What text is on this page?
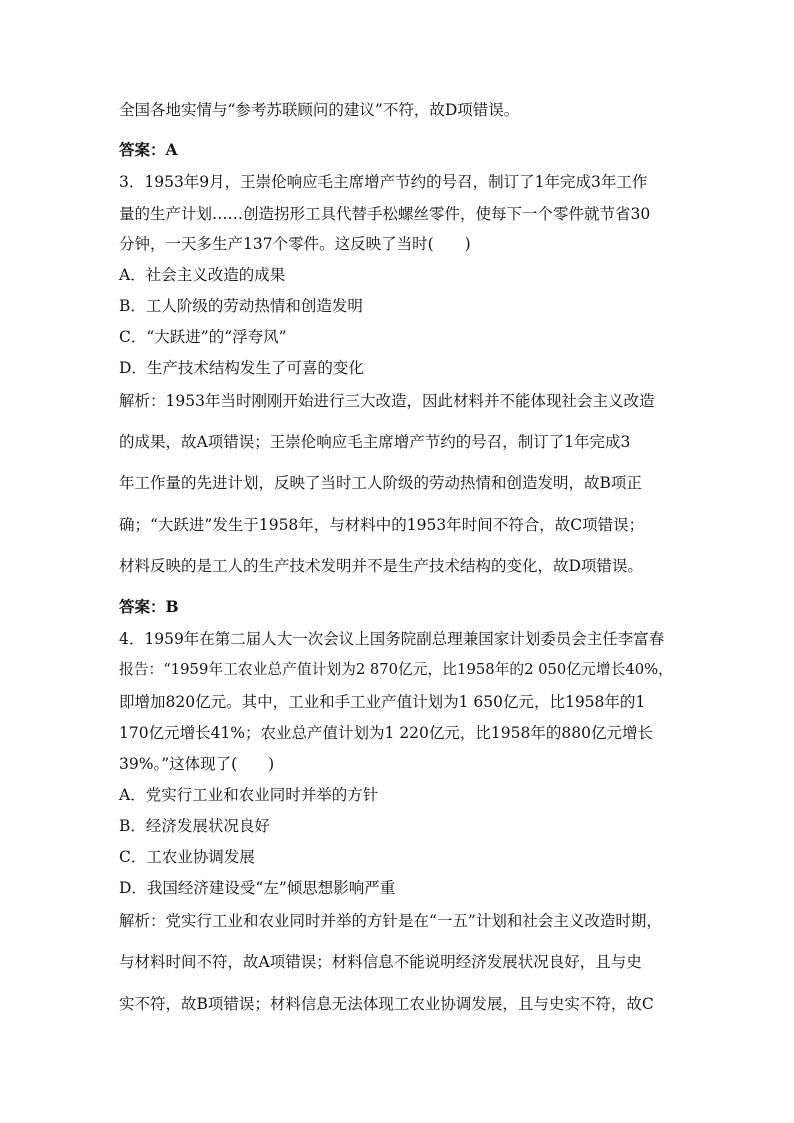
全国各地实情与“参考苏联顾问的建议”不符，故D项错误。
答案：A
3．1953年9月，王崇伦响应毛主席增产节约的号召，制订了1年完成3年工作
量的生产计划……创造拐形工具代替手松螺丝零件，使每下一个零件就节省30
分钟，一天多生产137个零件。这反映了当时(　　)
A．社会主义改造的成果
B．工人阶级的劳动热情和创造发明
C．“大跃进”的“浮夸风”
D．生产技术结构发生了可喜的变化
解析：1953年当时刚刚开始进行三大改造，因此材料并不能体现社会主义改造
的成果，故A项错误；王崇伦响应毛主席增产节约的号召，制订了1年完成3
年工作量的先进计划，反映了当时工人阶级的劳动热情和创造发明，故B项正
确；“大跃进”发生于1958年，与材料中的1953年时间不符合，故C项错误；
材料反映的是工人的生产技术发明并不是生产技术结构的变化，故D项错误。
答案：B
4．1959年在第二届人大一次会议上国务院副总理兼国家计划委员会主任李富春
报告：“1959年工农业总产值计划为2 870亿元，比1958年的2 050亿元增长40%，
即增加820亿元。其中，工业和手工业产值计划为1 650亿元，比1958年的1
170亿元增长41%；农业总产值计划为1 220亿元，比1958年的880亿元增长
39%。”这体现了(　　)
A．党实行工业和农业同时并举的方针
B．经济发展状况良好
C．工农业协调发展
D．我国经济建设受“左”倾思想影响严重
解析：党实行工业和农业同时并举的方针是在“一五”计划和社会主义改造时期，
与材料时间不符，故A项错误；材料信息不能说明经济发展状况良好，且与史
实不符，故B项错误；材料信息无法体现工农业协调发展，且与史实不符，故C
